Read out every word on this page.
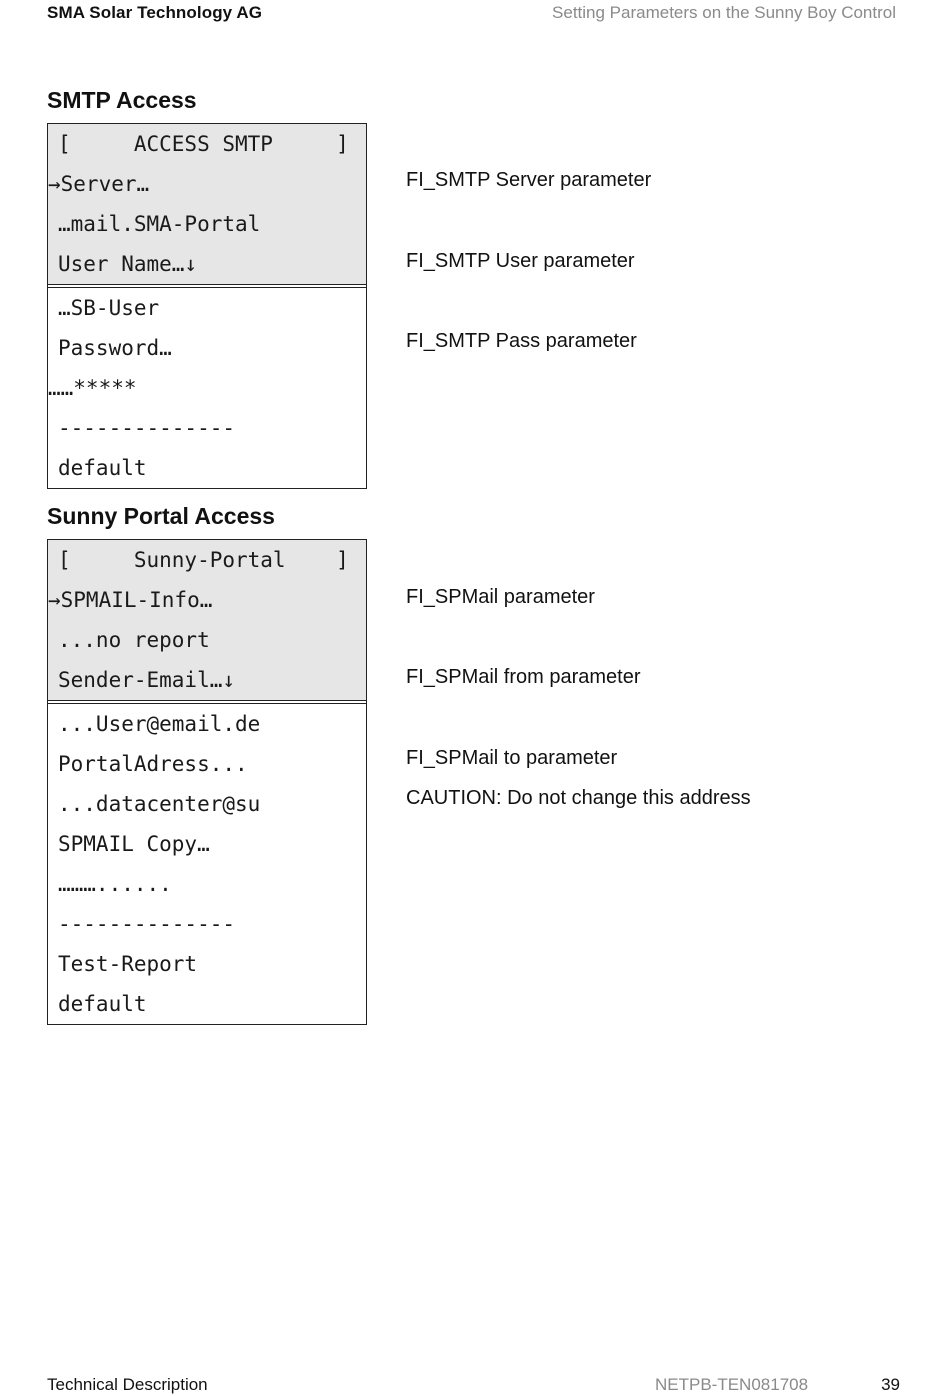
SMA Solar Technology AG	Setting Parameters on the Sunny Boy Control
SMTP Access
[     ACCESS SMTP     ]
→Server…
…mail.SMA-Portal
User Name…↓
…SB-User
Password…
……*****
--------------
default
FI_SMTP Server parameter
FI_SMTP User parameter
FI_SMTP Pass parameter
Sunny Portal Access
[     Sunny-Portal    ]
→SPMAIL-Info…
...no report
Sender-Email…↓
...User@email.de
PortalAdress...
...datacenter@su
SPMAIL Copy…
………......
--------------
Test-Report
default
FI_SPMail parameter
FI_SPMail from parameter
FI_SPMail to parameter
CAUTION: Do not change this address
Technical Description	NETPB-TEN081708	39
